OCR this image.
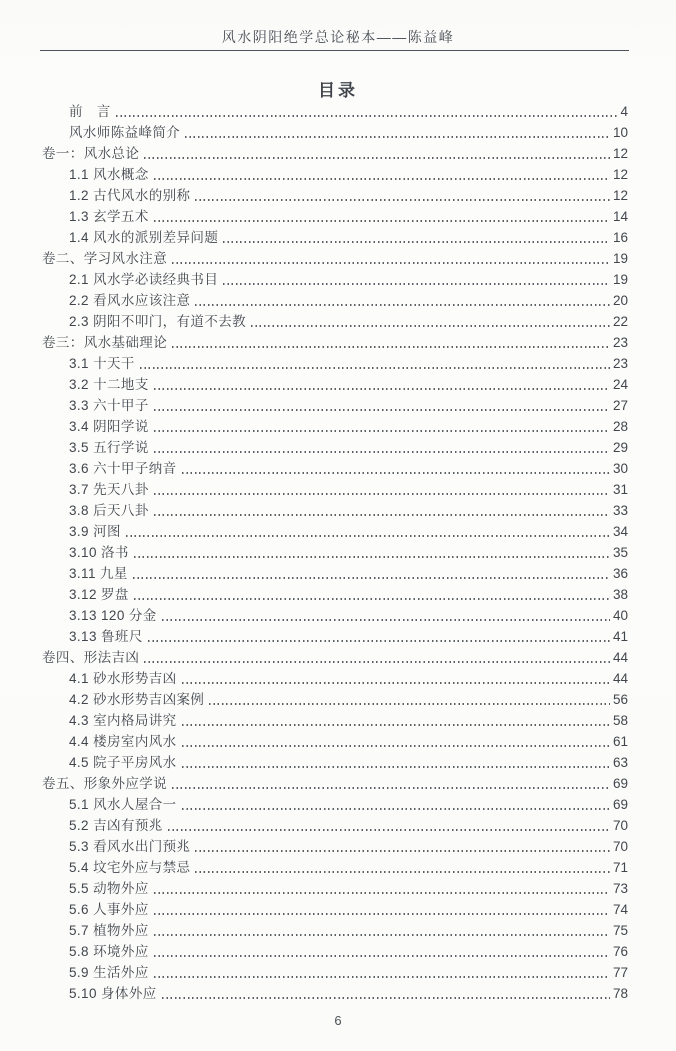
风水阴阳绝学总论秘本——陈益峰
目录
前　言	4
风水师陈益峰简介	10
卷一：风水总论	12
1.1 风水概念	12
1.2 古代风水的别称	12
1.3 玄学五术	14
1.4 风水的派别差异问题	16
卷二、学习风水注意	19
2.1 风水学必读经典书目	19
2.2 看风水应该注意	20
2.3 阴阳不叩门，有道不去教	22
卷三：风水基础理论	23
3.1 十天干	23
3.2 十二地支	24
3.3 六十甲子	27
3.4 阴阳学说	28
3.5 五行学说	29
3.6 六十甲子纳音	30
3.7 先天八卦	31
3.8 后天八卦	33
3.9 河图	34
3.10 洛书	35
3.11 九星	36
3.12 罗盘	38
3.13 120 分金	40
3.13 鲁班尺	41
卷四、形法吉凶	44
4.1 砂水形势吉凶	44
4.2 砂水形势吉凶案例	56
4.3 室内格局讲究	58
4.4 楼房室内风水	61
4.5 院子平房风水	63
卷五、形象外应学说	69
5.1 风水人屋合一	69
5.2 吉凶有预兆	70
5.3 看风水出门预兆	70
5.4 坟宅外应与禁忌	71
5.5 动物外应	73
5.6 人事外应	74
5.7 植物外应	75
5.8 环境外应	76
5.9 生活外应	77
5.10 身体外应	78
6
